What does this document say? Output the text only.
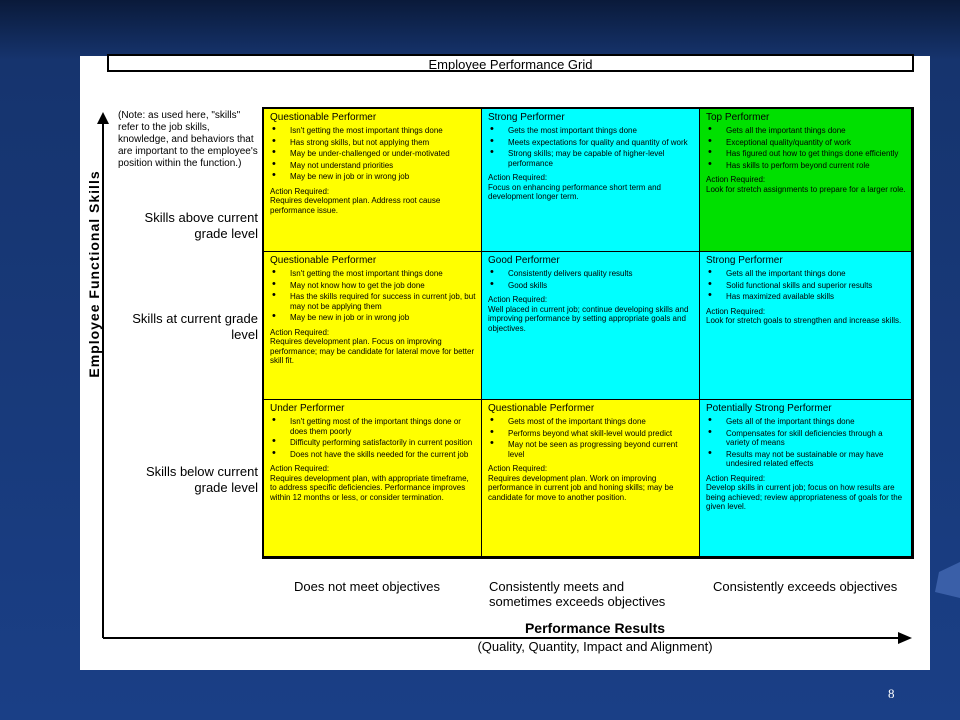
Employee Performance Grid
(Note: as used here, "skills" refer to the job skills, knowledge, and behaviors that are important to the employee's position within the function.)
Skills above current grade level
Skills at current grade level
Skills below current grade level
Employee Functional Skills
Questionable Performer
• Isn't getting the most important things done
• Has strong skills, but not applying them
• May be under-challenged or under-motivated
• May not understand priorities
• May be new in job or in wrong job
Action Required:
Requires development plan. Address root cause performance issue.
Strong Performer
• Gets the most important things done
• Meets expectations for quality and quantity of work
• Strong skills; may be capable of higher-level performance
Action Required:
Focus on enhancing performance short term and development longer term.
Top Performer
• Gets all the important things done
• Exceptional quality/quantity of work
• Has figured out how to get things done efficiently
• Has skills to perform beyond current role
Action Required:
Look for stretch assignments to prepare for a larger role.
Questionable Performer
• Isn't getting the most important things done
• May not know how to get the job done
• Has the skills required for success in current job, but may not be applying them
• May be new in job or in wrong job
Action Required:
Requires development plan. Focus on improving performance; may be candidate for lateral move for better skill fit.
Good Performer
• Consistently delivers quality results
• Good skills
Action Required:
Well placed in current job; continue developing skills and improving performance by setting appropriate goals and objectives.
Strong Performer
• Gets all the important things done
• Solid functional skills and superior results
• Has maximized available skills
Action Required:
Look for stretch goals to strengthen and increase skills.
Under Performer
• Isn't getting most of the important things done or does them poorly
• Difficulty performing satisfactorily in current position
• Does not have the skills needed for the current job
Action Required:
Requires development plan, with appropriate timeframe, to address specific deficiencies. Performance improves within 12 months or less, or consider termination.
Questionable Performer
• Gets most of the important things done
• Performs beyond what skill-level would predict
• May not be seen as progressing beyond current level
Action Required:
Requires development plan. Work on improving performance in current job and honing skills; may be candidate for move to another position.
Potentially Strong Performer
• Gets all of the important things done
• Compensates for skill deficiencies through a variety of means
• Results may not be sustainable or may have undesired related effects
Action Required:
Develop skills in current job; focus on how results are being achieved; review appropriateness of goals for the given level.
Does not meet objectives	Consistently meets and sometimes exceeds objectives
Consistently exceeds objectives
Performance Results
(Quality, Quantity, Impact and Alignment)
8
